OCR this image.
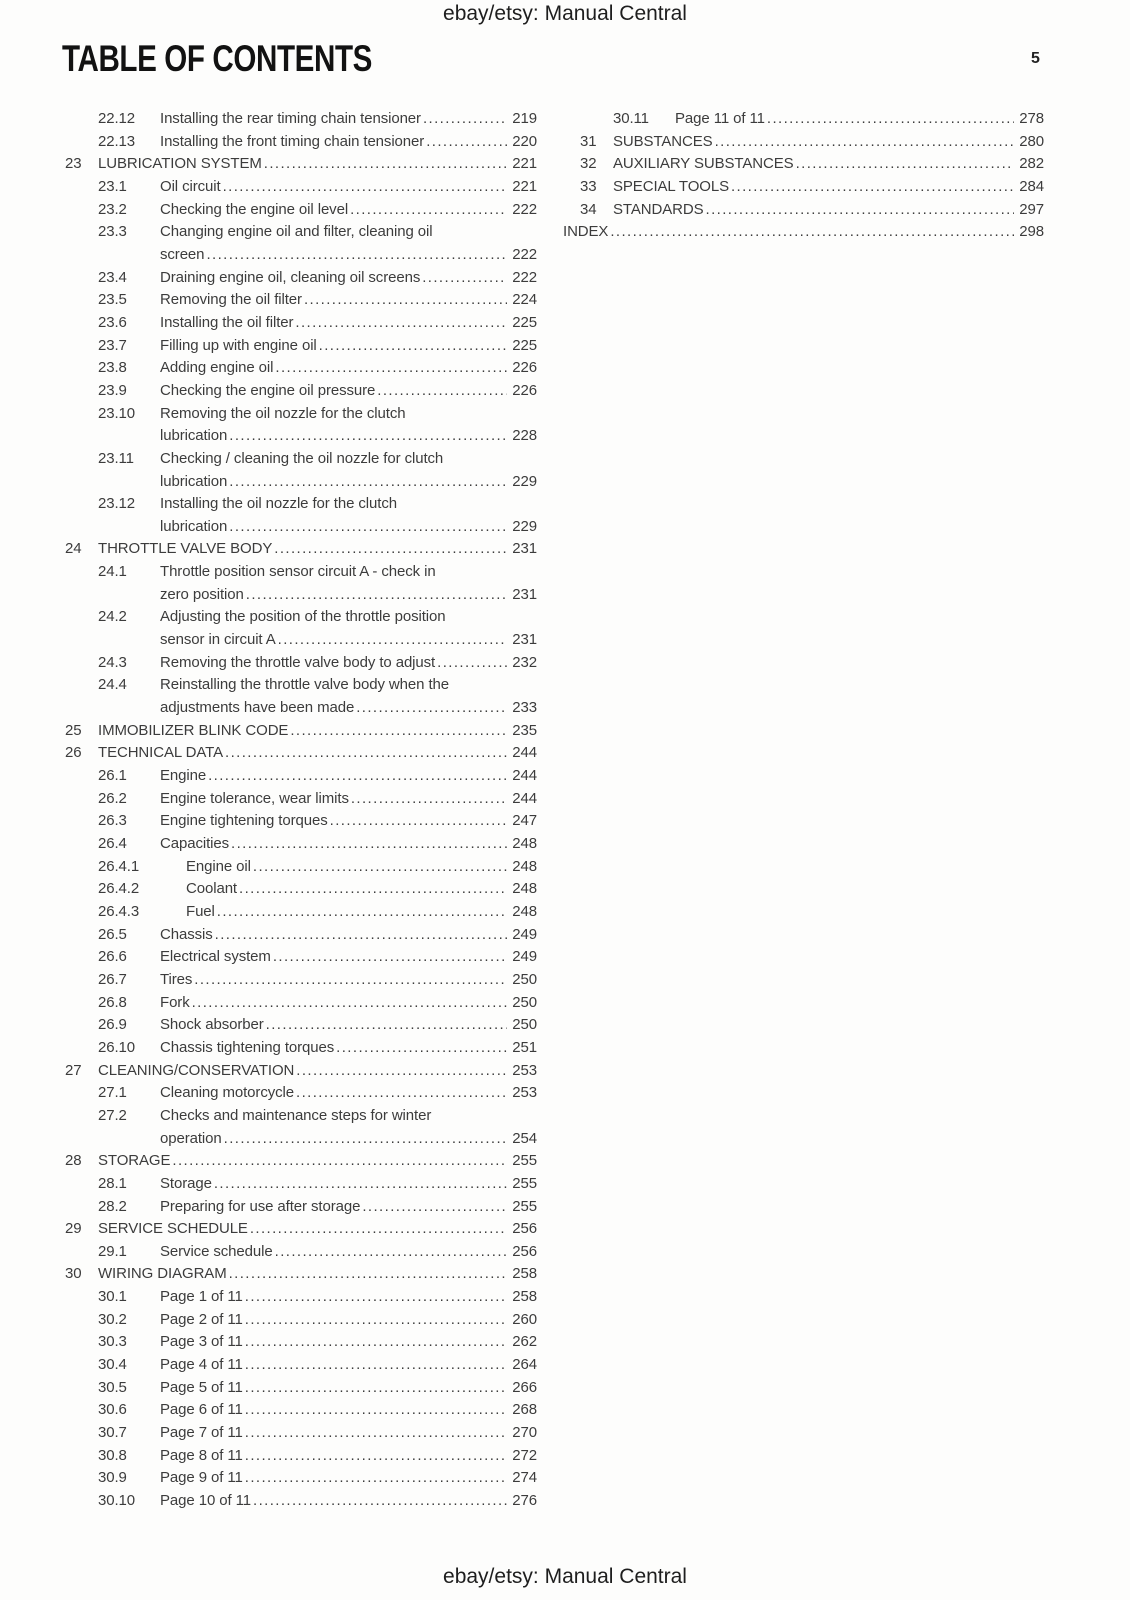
ebay/etsy: Manual Central
TABLE OF CONTENTS	5
22.12	Installing the rear timing chain tensioner .....	219
22.13	Installing the front timing chain tensioner .....	220
23	LUBRICATION SYSTEM .....	221
23.1	Oil circuit .....	221
23.2	Checking the engine oil level .....	222
23.3	Changing engine oil and filter, cleaning oil
screen .....	222
23.4	Draining engine oil, cleaning oil screens .....	222
23.5	Removing the oil filter .....	224
23.6	Installing the oil filter .....	225
23.7	Filling up with engine oil .....	225
23.8	Adding engine oil .....	226
23.9	Checking the engine oil pressure .....	226
23.10	Removing the oil nozzle for the clutch
lubrication .....	228
23.11	Checking / cleaning the oil nozzle for clutch
lubrication .....	229
23.12	Installing the oil nozzle for the clutch
lubrication .....	229
24	THROTTLE VALVE BODY .....	231
24.1	Throttle position sensor circuit A - check in
zero position .....	231
24.2	Adjusting the position of the throttle position
sensor in circuit A .....	231
24.3	Removing the throttle valve body to adjust .....	232
24.4	Reinstalling the throttle valve body when the
adjustments have been made .....	233
25	IMMOBILIZER BLINK CODE .....	235
26	TECHNICAL DATA .....	244
26.1	Engine .....	244
26.2	Engine tolerance, wear limits .....	244
26.3	Engine tightening torques .....	247
26.4	Capacities .....	248
26.4.1	Engine oil .....	248
26.4.2	Coolant .....	248
26.4.3	Fuel .....	248
26.5	Chassis .....	249
26.6	Electrical system .....	249
26.7	Tires .....	250
26.8	Fork .....	250
26.9	Shock absorber .....	250
26.10	Chassis tightening torques .....	251
27	CLEANING/CONSERVATION .....	253
27.1	Cleaning motorcycle .....	253
27.2	Checks and maintenance steps for winter
operation .....	254
28	STORAGE .....	255
28.1	Storage .....	255
28.2	Preparing for use after storage .....	255
29	SERVICE SCHEDULE .....	256
29.1	Service schedule .....	256
30	WIRING DIAGRAM .....	258
30.1	Page 1 of 11 .....	258
30.2	Page 2 of 11 .....	260
30.3	Page 3 of 11 .....	262
30.4	Page 4 of 11 .....	264
30.5	Page 5 of 11 .....	266
30.6	Page 6 of 11 .....	268
30.7	Page 7 of 11 .....	270
30.8	Page 8 of 11 .....	272
30.9	Page 9 of 11 .....	274
30.10	Page 10 of 11 .....	276
30.11	Page 11 of 11 .....	278
31	SUBSTANCES .....	280
32	AUXILIARY SUBSTANCES .....	282
33	SPECIAL TOOLS .....	284
34	STANDARDS .....	297
INDEX .....	298
ebay/etsy: Manual Central
